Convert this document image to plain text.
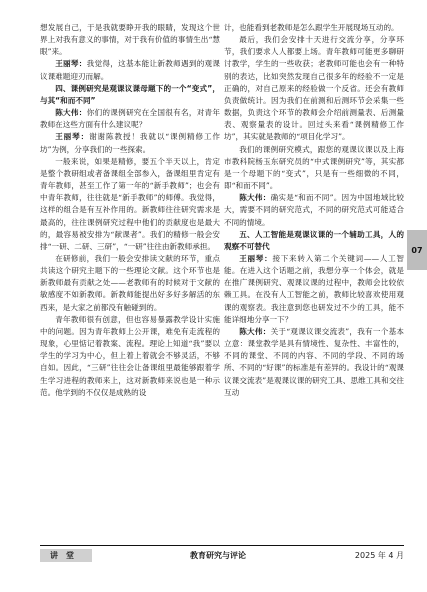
想发展自己，于是我就要睁开我的眼睛，发现这个世界上对我有意义的事情，对于我有价值的事情生出“慧眼”来。

王丽琴：我觉得，这基本能让新教师遇到的观课议课难题迎刃而解。

四、课例研究是观课议课母题下的一个“变式”，与其“和而不同”

陈大伟：你们的课例研究在全国很有名，对青年教师在这些方面有什么建议呢？

王丽琴：谢谢陈教授！我就以“课例精修工作坊”为例，分享我们的一些探索。

一般来说，如果是精修，要五个半天以上，肯定是整个教研组或者备课组全部参入，备课组里肯定有青年教师，甚至工作了第一年的“新手教师”；也会有中青年教师，往往就是“新手教师”的师傅。我觉得，这样的组合是有互补作用的。新教师往往研究需求是最高的，往往课例研究过程中他们的贡献度也是最大的，最容易被安排为“献课者”。我们的精修一般会安排“一研、二研、三研”，“一研”往往由新教师承担。

在研修前，我们一般会安排读文献的环节，重点共读这个研究主题下的一些理论文献。这个环节也是新教师最有贡献之处——老教师有的时候对于文献的敏感度不如新教师。新教师能提出好多好多解活的东西来，是大家之前都没有触碰到的。

青年教师很有创意，但也容易暴露教学设计实施中的问题。因为青年教师上公开课，难免有走流程的现象，心里惦记着教案、流程。理论上知道“我”要以学生的学习为中心，但上着上着就会不够灵活，不够自如。因此，“三研”往往会让备课组里最能够跟着学生学习进程的教师来上，这对新教师来说也是一种示范。他学到的不仅仅是成熟的设

计，也能看到老教师是怎么跟学生开展现场互动的。

最后，我们会安排十天进行交流分享，分享环节，我们要求人人都要上场。青年教师可能更多聊研讨教学，学生的一些收获；老教师可能也会有一种特别的表达，比如突然发现自己很多年的经验不一定是正确的，对自己原来的经验做一个反省。还会有教师负责做统计。因为我们在前测和后测环节会采集一些数据，负责这个环节的教师会介绍前测量表、后测量表、观察量表的设计。回过头来看“课例精修工作坊”，其实就是教师的“项目化学习”。

我们的课例研究模式，跟您的观课议课以及上海市教科院杨玉东研究员的“中式课例研究”等，其实都是一个母题下的“变式”，只是有一些细微的不同，即“和而不同”。

陈大伟：确实是“和而不同”。因为中国地域比较大，需要不同的研究范式，不同的研究范式可能适合不同的情境。

五、人工智能是观课议课的一个辅助工具，人的观察不可替代

王丽琴：接下来转入第二个关键词——人工智能。在进入这个话题之前，我想分享一个体会，就是在推广课例研究、观课议课的过程中，教师会比较依赖工具。在没有人工智能之前，教师比较喜欢使用观课的观察表。我注意到您也研发过不少的工具，能不能详细地分享一下？

陈大伟：关于“观课议课交流表”，我有一个基本立意：课堂教学是具有情境性、复杂性、丰富性的，不同的课堂、不同的内容、不同的学段、不同的场所、不同的“好课”的标准是有差异的。我设计的“观课议课交流表”是观课议课的研究工具、思维工具和交往互动

07
讲堂	教育研究与评论	2025 年 4 月
